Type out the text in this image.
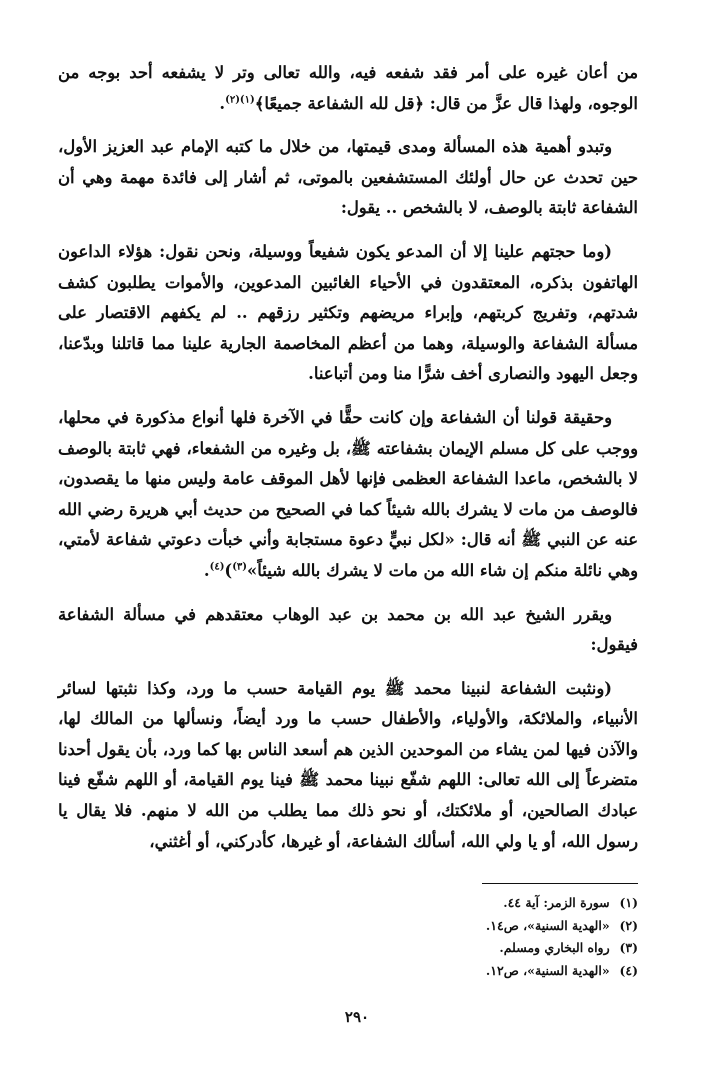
من أعان غيره على أمر فقد شفعه فيه، والله تعالى وتر لا يشفعه أحد بوجه من الوجوه، ولهذا قال عزَّ من قال: ﴿قل لله الشفاعة جميعًا﴾$^{(١)(٢)}$.

وتبدو أهمية هذه المسألة ومدى قيمتها، من خلال ما كتبه الإمام عبد العزيز الأول، حين تحدث عن حال أولئك المستشفعين بالموتى، ثم أشار إلى فائدة مهمة وهي أن الشفاعة ثابتة بالوصف، لا بالشخص .. يقول:

(وما حجتهم علينا إلا أن المدعو يكون شفيعاً ووسيلة، ونحن نقول: هؤلاء الداعون الهاتفون بذكره، المعتقدون في الأحياء الغائبين المدعوين، والأموات يطلبون كشف شدتهم، وتفريج كربتهم، وإبراء مريضهم وتكثير رزقهم .. لم يكفهم الاقتصار على مسألة الشفاعة والوسيلة، وهما من أعظم المخاصمة الجارية علينا مما قاتلنا وبدّعنا، وجعل اليهود والنصارى أخف شرًّا منا ومن أتباعنا.

وحقيقة قولنا أن الشفاعة وإن كانت حقًّا في الآخرة فلها أنواع مذكورة في محلها، ووجب على كل مسلم الإيمان بشفاعته ﷺ، بل وغيره من الشفعاء، فهي ثابتة بالوصف لا بالشخص، ماعدا الشفاعة العظمى فإنها لأهل الموقف عامة وليس منها ما يقصدون، فالوصف من مات لا يشرك بالله شيئاً كما في الصحيح من حديث أبي هريرة رضي الله عنه عن النبي ﷺ أنه قال: «لكل نبيٍّ دعوة مستجابة وأني خبأت دعوتي شفاعة لأمتي، وهي نائلة منكم إن شاء الله من مات لا يشرك بالله شيئاً»$^{(٣)}$)$^{(٤)}$.

ويقرر الشيخ عبد الله بن محمد بن عبد الوهاب معتقدهم في مسألة الشفاعة فيقول:

(ونثبت الشفاعة لنبينا محمد ﷺ يوم القيامة حسب ما ورد، وكذا نثبتها لسائر الأنبياء، والملائكة، والأولياء، والأطفال حسب ما ورد أيضاً، ونسألها من المالك لها، والآذن فيها لمن يشاء من الموحدين الذين هم أسعد الناس بها كما ورد، بأن يقول أحدنا متضرعاً إلى الله تعالى: اللهم شفّع نبينا محمد ﷺ فينا يوم القيامة، أو اللهم شفّع فينا عبادك الصالحين، أو ملائكتك، أو نحو ذلك مما يطلب من الله لا منهم. فلا يقال يا رسول الله، أو يا ولي الله، أسألك الشفاعة، أو غيرها، كأدركني، أو أغثني،

(١) سورة الزمر: آية ٤٤.
(٢) «الهدية السنية»، ص١٤.
(٣) رواه البخاري ومسلم.
(٤) «الهدية السنية»، ص١٢.
٢٩٠
